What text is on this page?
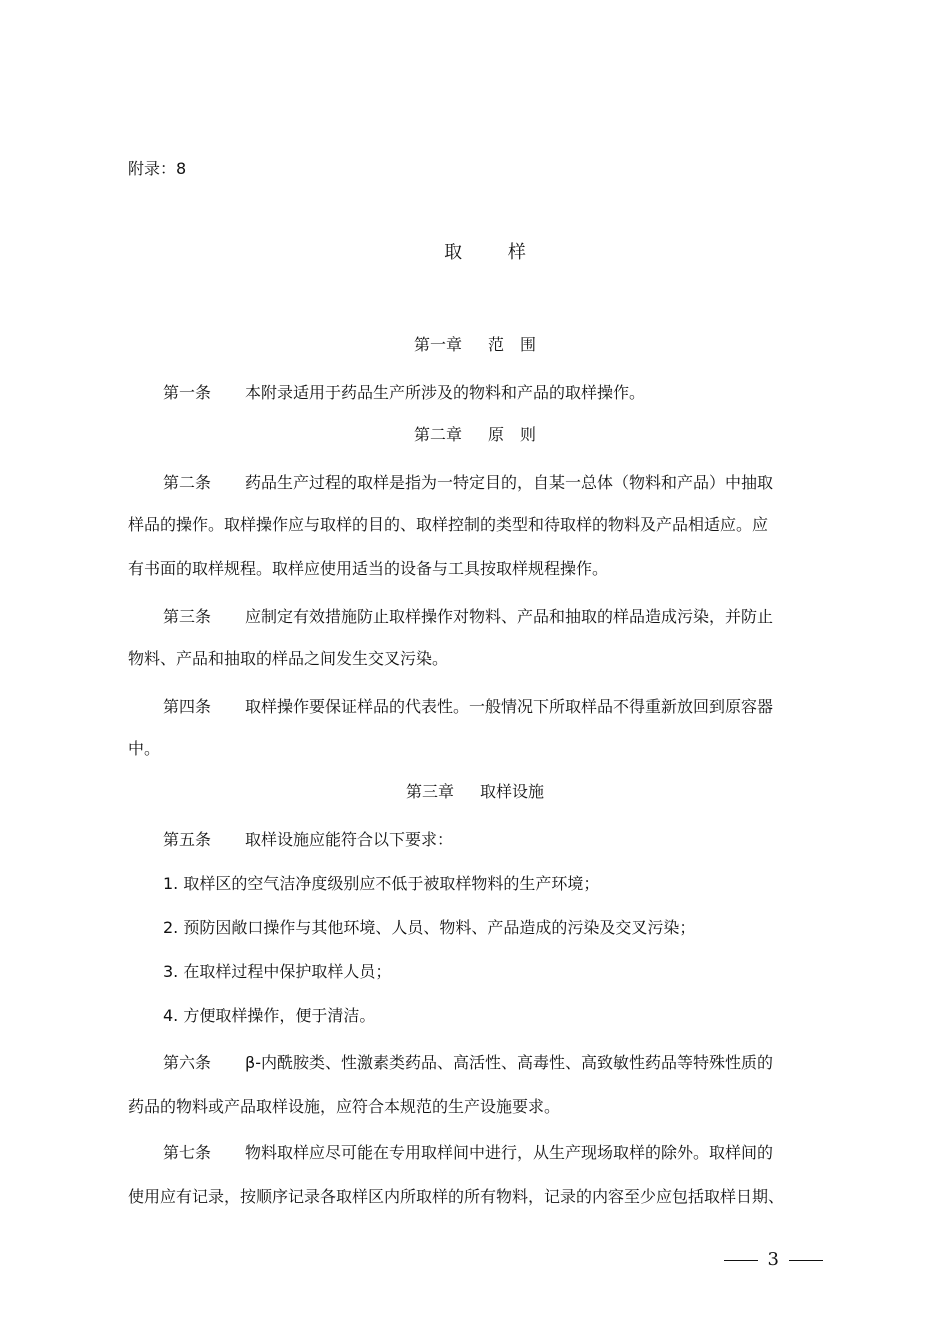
附录：8
取 样
第一章 范　围
第一条 本附录适用于药品生产所涉及的物料和产品的取样操作。
第二章 原　则
第二条 药品生产过程的取样是指为一特定目的，自某一总体（物料和产品）中抽取
样品的操作。取样操作应与取样的目的、取样控制的类型和待取样的物料及产品相适应。应
有书面的取样规程。取样应使用适当的设备与工具按取样规程操作。
第三条 应制定有效措施防止取样操作对物料、产品和抽取的样品造成污染，并防止
物料、产品和抽取的样品之间发生交叉污染。
第四条 取样操作要保证样品的代表性。一般情况下所取样品不得重新放回到原容器
中。
第三章 取样设施
第五条 取样设施应能符合以下要求：
1. 取样区的空气洁净度级别应不低于被取样物料的生产环境；
2. 预防因敞口操作与其他环境、人员、物料、产品造成的污染及交叉污染；
3. 在取样过程中保护取样人员；
4. 方便取样操作，便于清洁。
第六条 β-内酰胺类、性激素类药品、高活性、高毒性、高致敏性药品等特殊性质的
药品的物料或产品取样设施，应符合本规范的生产设施要求。
第七条 物料取样应尽可能在专用取样间中进行，从生产现场取样的除外。取样间的
使用应有记录，按顺序记录各取样区内所取样的所有物料，记录的内容至少应包括取样日期、
3
